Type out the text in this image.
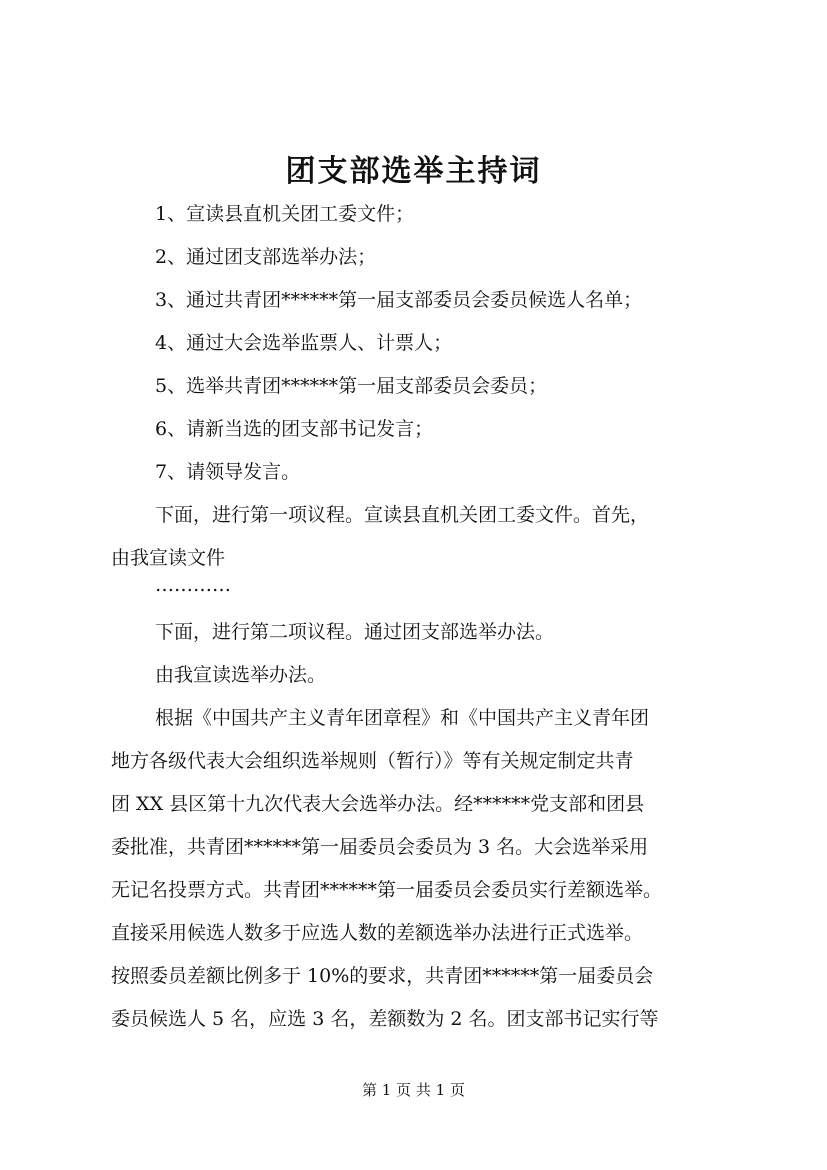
团支部选举主持词
1、宣读县直机关团工委文件；
2、通过团支部选举办法；
3、通过共青团******第一届支部委员会委员候选人名单；
4、通过大会选举监票人、计票人；
5、选举共青团******第一届支部委员会委员；
6、请新当选的团支部书记发言；
7、请领导发言。
下面，进行第一项议程。宣读县直机关团工委文件。首先，
由我宣读文件
…………
下面，进行第二项议程。通过团支部选举办法。
由我宣读选举办法。
根据《中国共产主义青年团章程》和《中国共产主义青年团
地方各级代表大会组织选举规则（暂行）》等有关规定制定共青
团 XX 县区第十九次代表大会选举办法。经******党支部和团县
委批准，共青团******第一届委员会委员为 3 名。大会选举采用
无记名投票方式。共青团******第一届委员会委员实行差额选举。
直接采用候选人数多于应选人数的差额选举办法进行正式选举。
按照委员差额比例多于 10%的要求，共青团******第一届委员会
委员候选人 5 名，应选 3 名，差额数为 2 名。团支部书记实行等
第 1 页 共 1 页
